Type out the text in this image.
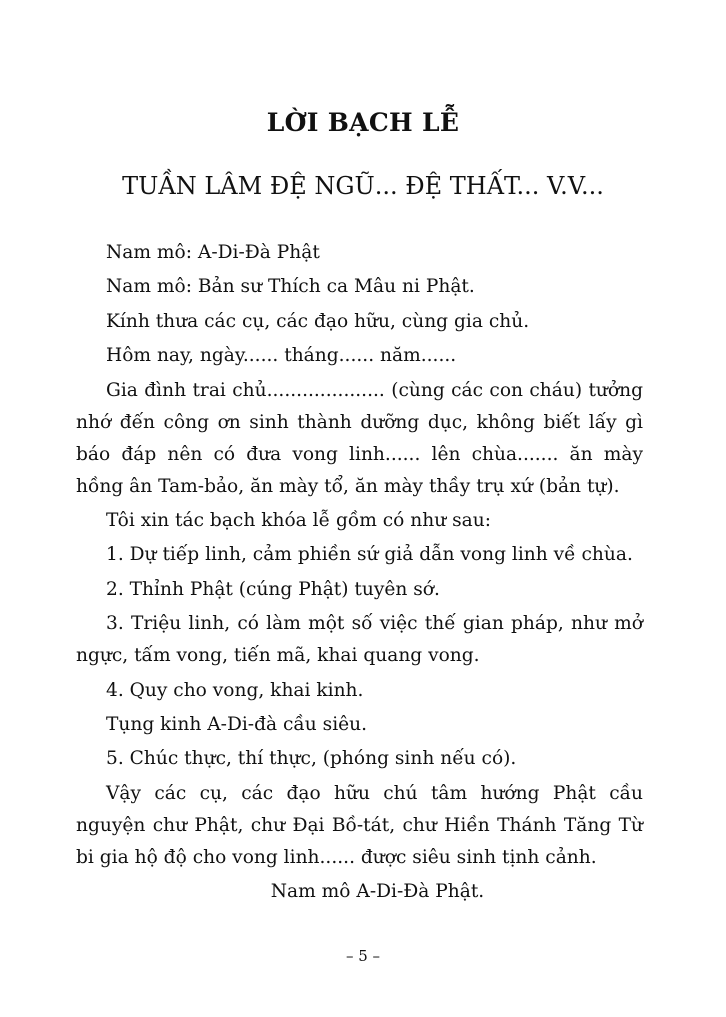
LỜI BẠCH LỄ
TUẦN LÂM ĐỆ NGŨ... ĐỆ THẤT... V.V...

Nam mô: A-Di-Đà Phật

Nam mô: Bản sư Thích ca Mâu ni Phật.

Kính thưa các cụ, các đạo hữu, cùng gia chủ.

Hôm nay, ngày...... tháng...... năm......

Gia đình trai chủ.................... (cùng các con cháu) tưởng nhớ đến công ơn sinh thành dưỡng dục, không biết lấy gì báo đáp nên có đưa vong linh...... lên chùa....... ăn mày hồng ân Tam-bảo, ăn mày tổ, ăn mày thầy trụ xứ (bản tự).

Tôi xin tác bạch khóa lễ gồm có như sau:

1. Dự tiếp linh, cảm phiền sứ giả dẫn vong linh về chùa.

2. Thỉnh Phật (cúng Phật) tuyên sớ.

3. Triệu linh, có làm một số việc thế gian pháp, như mở ngực, tấm vong, tiến mã, khai quang vong.

4. Quy cho vong, khai kinh.

Tụng kinh A-Di-đà cầu siêu.

5. Chúc thực, thí thực, (phóng sinh nếu có).

Vậy các cụ, các đạo hữu chú tâm hướng Phật cầu nguyện chư Phật, chư Đại Bồ-tát, chư Hiền Thánh Tăng Từ bi gia hộ độ cho vong linh...... được siêu sinh tịnh cảnh.

Nam mô A-Di-Đà Phật.

– 5 –
